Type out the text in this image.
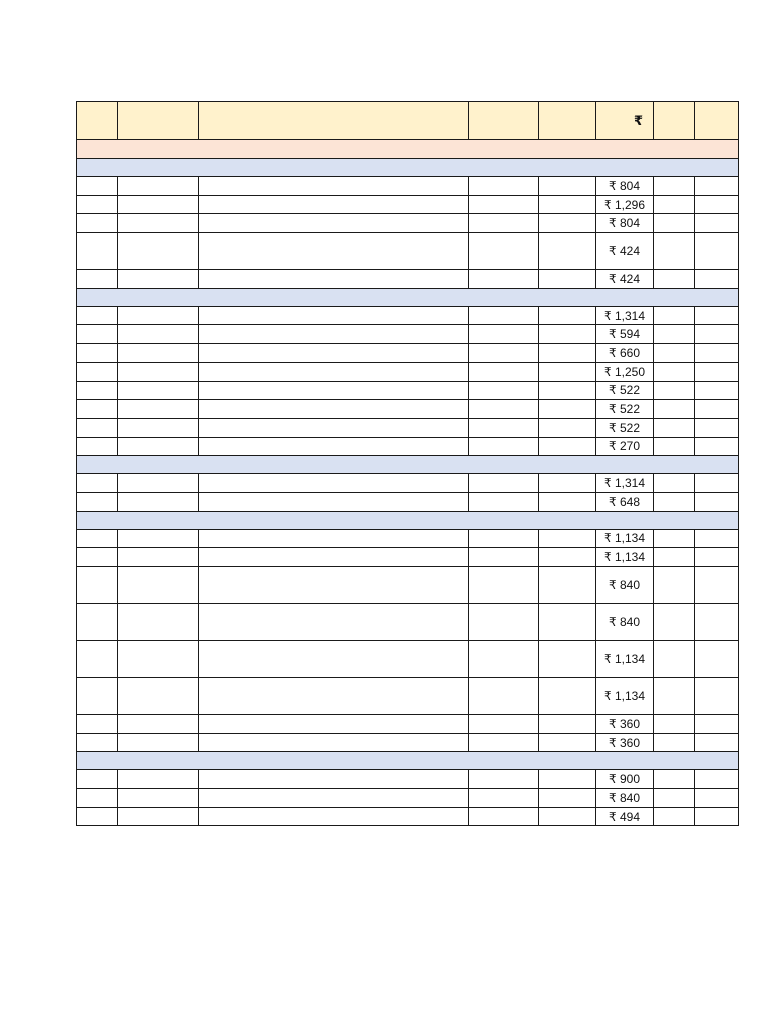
					₹		

					₹ 804		
					₹ 1,296		
					₹ 804		
					₹ 424		
					₹ 424		

					₹ 1,314		
					₹ 594		
					₹ 660		
					₹ 1,250		
					₹ 522		
					₹ 522		
					₹ 522		
					₹ 270		

					₹ 1,314		
					₹ 648		

					₹ 1,134		
					₹ 1,134		
					₹ 840		
					₹ 840		
					₹ 1,134		
					₹ 1,134		
					₹ 360		
					₹ 360		

					₹ 900		
					₹ 840		
					₹ 494		
